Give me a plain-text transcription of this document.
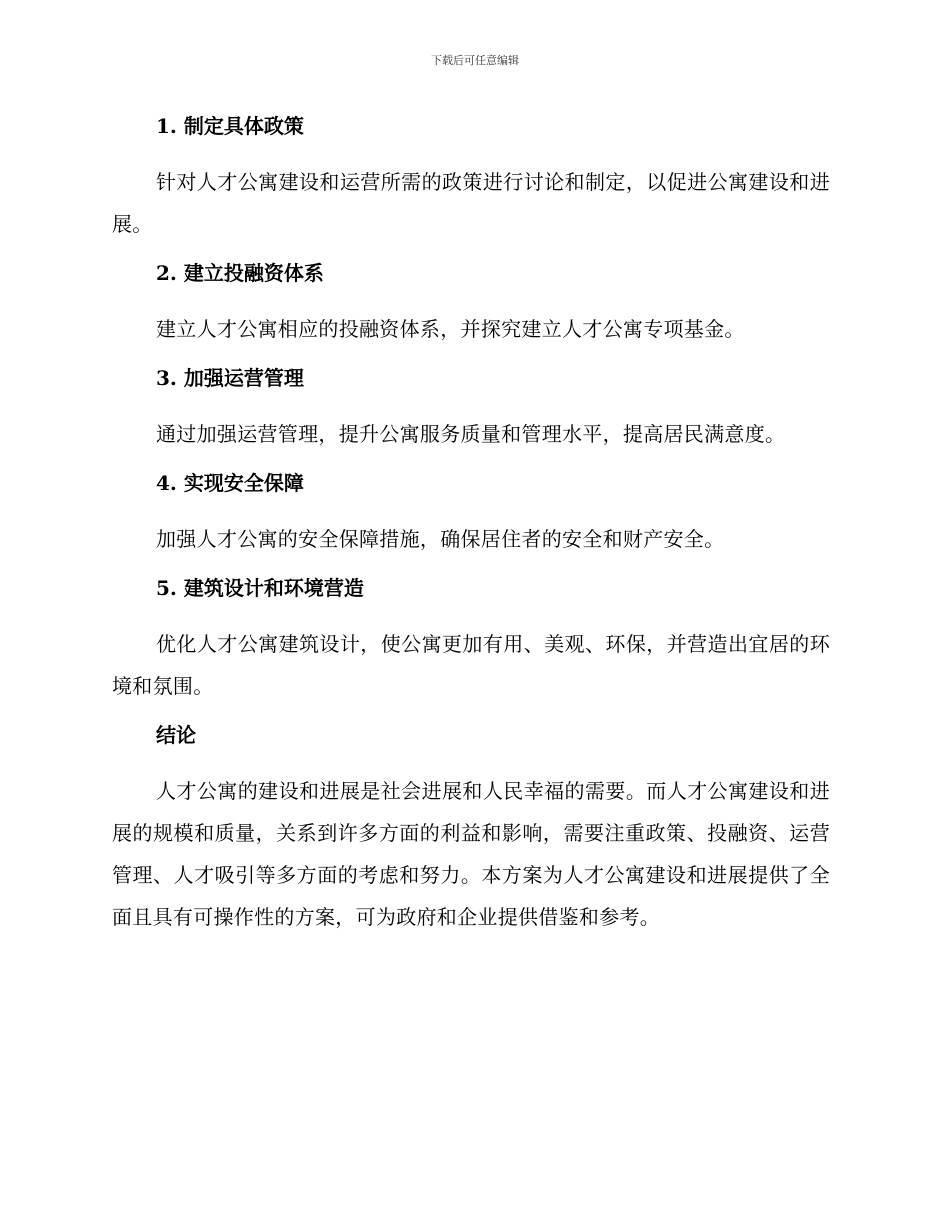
下载后可任意编辑
1. 制定具体政策

针对人才公寓建设和运营所需的政策进行讨论和制定，以促进公寓建设和进展。

2. 建立投融资体系

建立人才公寓相应的投融资体系，并探究建立人才公寓专项基金。

3. 加强运营管理

通过加强运营管理，提升公寓服务质量和管理水平，提高居民满意度。

4. 实现安全保障

加强人才公寓的安全保障措施，确保居住者的安全和财产安全。

5. 建筑设计和环境营造

优化人才公寓建筑设计，使公寓更加有用、美观、环保，并营造出宜居的环境和氛围。

结论

人才公寓的建设和进展是社会进展和人民幸福的需要。而人才公寓建设和进展的规模和质量，关系到许多方面的利益和影响，需要注重政策、投融资、运营管理、人才吸引等多方面的考虑和努力。本方案为人才公寓建设和进展提供了全面且具有可操作性的方案，可为政府和企业提供借鉴和参考。
